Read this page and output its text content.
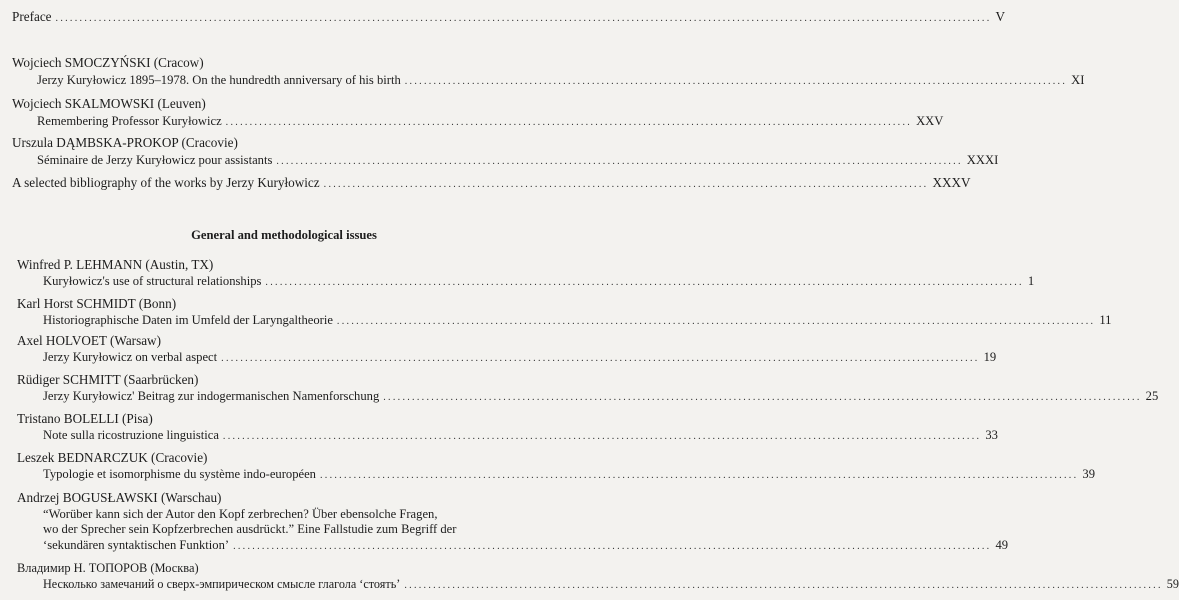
Preface ................................................................................................................................................................................................... V
Wojciech SMOCZYŃSKI (Cracow)
Jerzy Kuryłowicz 1895–1978. On the hundredth anniversary of his birth .......................................................................................................................................... XI
Wojciech SKALMOWSKI (Leuven)
Remembering Professor Kuryłowicz ............................................................................................................................................... XXV
Urszula DĄMBSKA-PROKOP (Cracovie)
Séminaire de Jerzy Kuryłowicz pour assistants ............................................................................................................................................... XXXI
A selected bibliography of the works by Jerzy Kuryłowicz .............................................................................................................................. XXXV
General and methodological issues
Winfred P. LEHMANN (Austin, TX)
Kuryłowicz's use of structural relationships .............................................................................................................................................................. 1
Karl Horst SCHMIDT (Bonn)
Historiographische Daten im Umfeld der Laryngaltheorie .............................................................................................................................................................. 11
Axel HOLVOET (Warsaw)
Jerzy Kuryłowicz on verbal aspect .............................................................................................................................................................. 19
Rüdiger SCHMITT (Saarbrücken)
Jerzy Kuryłowicz' Beitrag zur indogermanischen Namenforschung .............................................................................................................................................................. 25
Tristano BOLELLI (Pisa)
Note sulla ricostruzione linguistica .............................................................................................................................................................. 33
Leszek BEDNARCZUK (Cracovie)
Typologie et isomorphisme du système indo-européen .............................................................................................................................................................. 39
Andrzej BOGUSŁAWSKI (Warschau)
“Worüber kann sich der Autor den Kopf zerbrechen? Über ebensolche Fragen,
wo der Sprecher sein Kopfzerbrechen ausdrückt.” Eine Fallstudie zum Begriff der
‘sekundären syntaktischen Funktion’ .............................................................................................................................................................. 49
Владимир Н. ТОПОРОВ (Москва)
Несколько замечаний о сверх-эмпирическом смысле глагола ‘стоять’ .............................................................................................................................................................. 59
